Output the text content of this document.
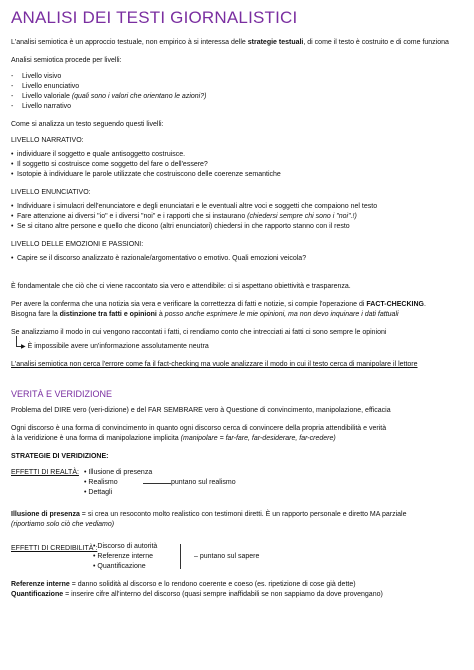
ANALISI DEI TESTI GIORNALISTICI

L'analisi semiotica è un approccio testuale, non empirico à si interessa delle strategie testuali, di come il testo è costruito e di come funziona

Analisi semiotica procede per livelli:

- Livello visivo
- Livello enunciativo
- Livello valoriale (quali sono i valori che orientano le azioni?)
- Livello narrativo

Come si analizza un testo seguendo questi livelli:

LIVELLO NARRATIVO:

• individuare il soggetto e quale antisoggetto costruisce.
• Il soggetto si costruisce come soggetto del fare o dell'essere?
• Isotopie à individuare le parole utilizzate che costruiscono delle coerenze semantiche

LIVELLO ENUNCIATIVO:

• Individuare i simulacri dell'enunciatore e degli enunciatari e le eventuali altre voci e soggetti che compaiono nel testo
• Fare attenzione ai diversi "io" e i diversi "noi" e i rapporti che si instaurano (chiedersi sempre chi sono i "noi".!)
• Se si citano altre persone e quello che dicono (altri enunciatori) chiedersi in che rapporto stanno con il resto

LIVELLO DELLE EMOZIONI E PASSIONI:

• Capire se il discorso analizzato è razionale/argomentativo o emotivo. Quali emozioni veicola?

È fondamentale che ciò che ci viene raccontato sia vero e attendibile: ci si aspettano obiettività e trasparenza.

Per avere la conferma che una notizia sia vera e verificare la correttezza di fatti e notizie, si compie l'operazione di FACT-CHECKING.
Bisogna fare la distinzione tra fatti e opinioni à posso anche esprimere le mie opinioni, ma non devo inquinare i dati fattuali

Se analizziamo il modo in cui vengono raccontati i fatti, ci rendiamo conto che intrecciati ai fatti ci sono sempre le opinioni

▶ È impossibile avere un'informazione assolutamente neutra

L'analisi semiotica non cerca l'errore come fa il fact-checking ma vuole analizzare il modo in cui il testo cerca di manipolare il lettore

VERITÀ E VERIDIZIONE

Problema del DIRE vero (veri-dizione) e del FAR SEMBRARE vero à Questione di convincimento, manipolazione, efficacia

Ogni discorso è una forma di convincimento in quanto ogni discorso cerca di convincere della propria attendibilità e verità
à la veridizione è una forma di manipolazione implicita (manipolare = far-fare, far-desiderare, far-credere)

STRATEGIE DI VERIDIZIONE:

EFFETTI DI REALTÀ:	• Illusione di presenza
• Realismo
• Dettagli
puntano sul realismo

Illusione di presenza = si crea un resoconto molto realistico con testimoni diretti. È un rapporto personale e diretto MA parziale
(riportiamo solo ciò che vediamo)

EFFETTI DI CREDIBILITÀ : • Discorso di autorità
• Referenze interne
• Quantificazione
– puntano sul sapere

Referenze interne = danno solidità al discorso e lo rendono coerente e coeso (es. ripetizione di cose già dette)

Quantificazione = inserire cifre all'interno del discorso (quasi sempre inaffidabili se non sappiamo da dove provengano)
